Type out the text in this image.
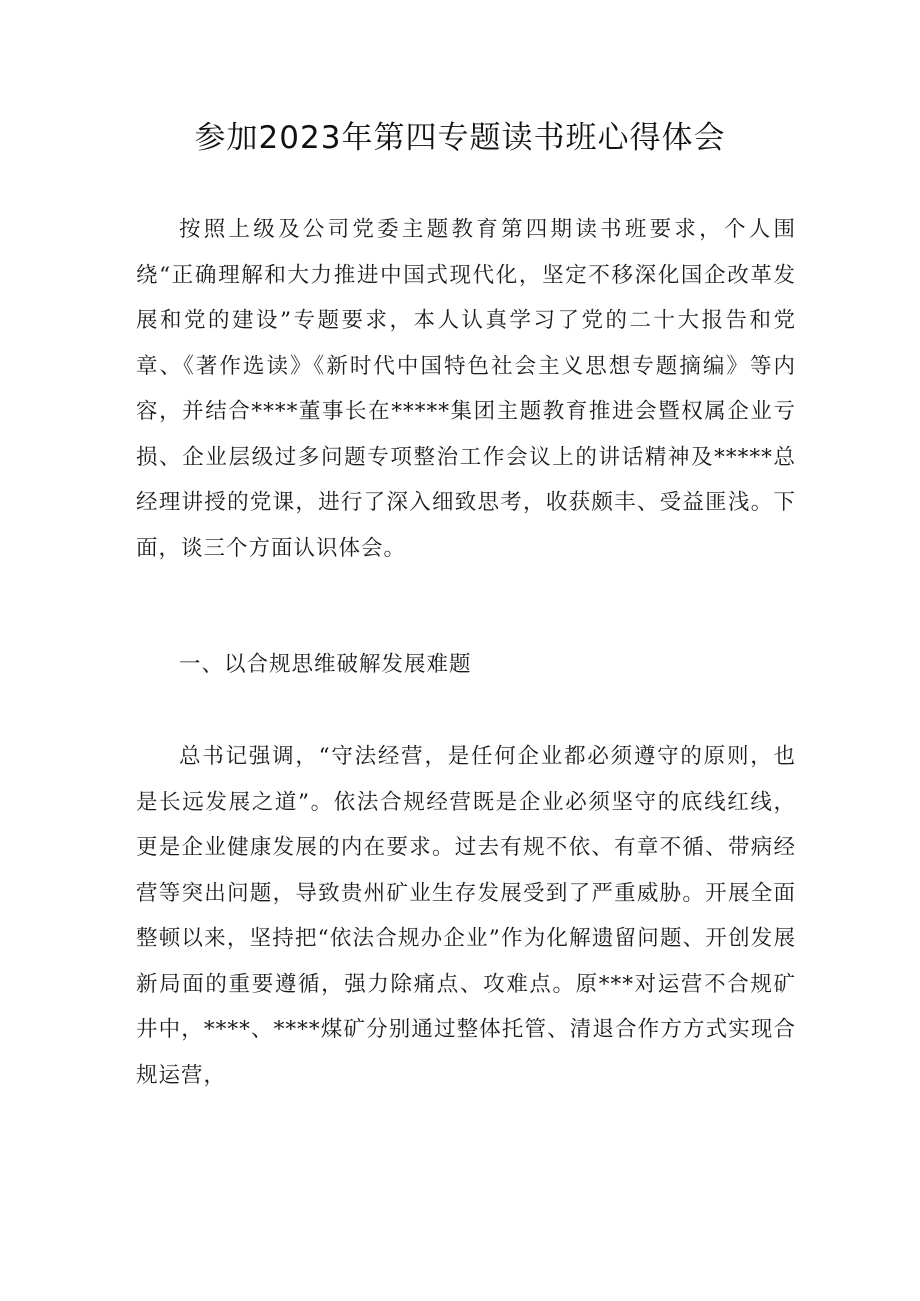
参加2023年第四专题读书班心得体会

按照上级及公司党委主题教育第四期读书班要求，个人围绕“正确理解和大力推进中国式现代化，坚定不移深化国企改革发展和党的建设”专题要求，本人认真学习了党的二十大报告和党章、《著作选读》《新时代中国特色社会主义思想专题摘编》等内容，并结合****董事长在*****集团主题教育推进会暨权属企业亏损、企业层级过多问题专项整治工作会议上的讲话精神及*****总经理讲授的党课，进行了深入细致思考，收获颇丰、受益匪浅。下面，谈三个方面认识体会。

一、以合规思维破解发展难题

总书记强调，“守法经营，是任何企业都必须遵守的原则，也是长远发展之道”。依法合规经营既是企业必须坚守的底线红线，更是企业健康发展的内在要求。过去有规不依、有章不循、带病经营等突出问题，导致贵州矿业生存发展受到了严重威胁。开展全面整顿以来，坚持把“依法合规办企业”作为化解遗留问题、开创发展新局面的重要遵循，强力除痛点、攻难点。原***对运营不合规矿井中，****、****煤矿分别通过整体托管、清退合作方方式实现合规运营，
